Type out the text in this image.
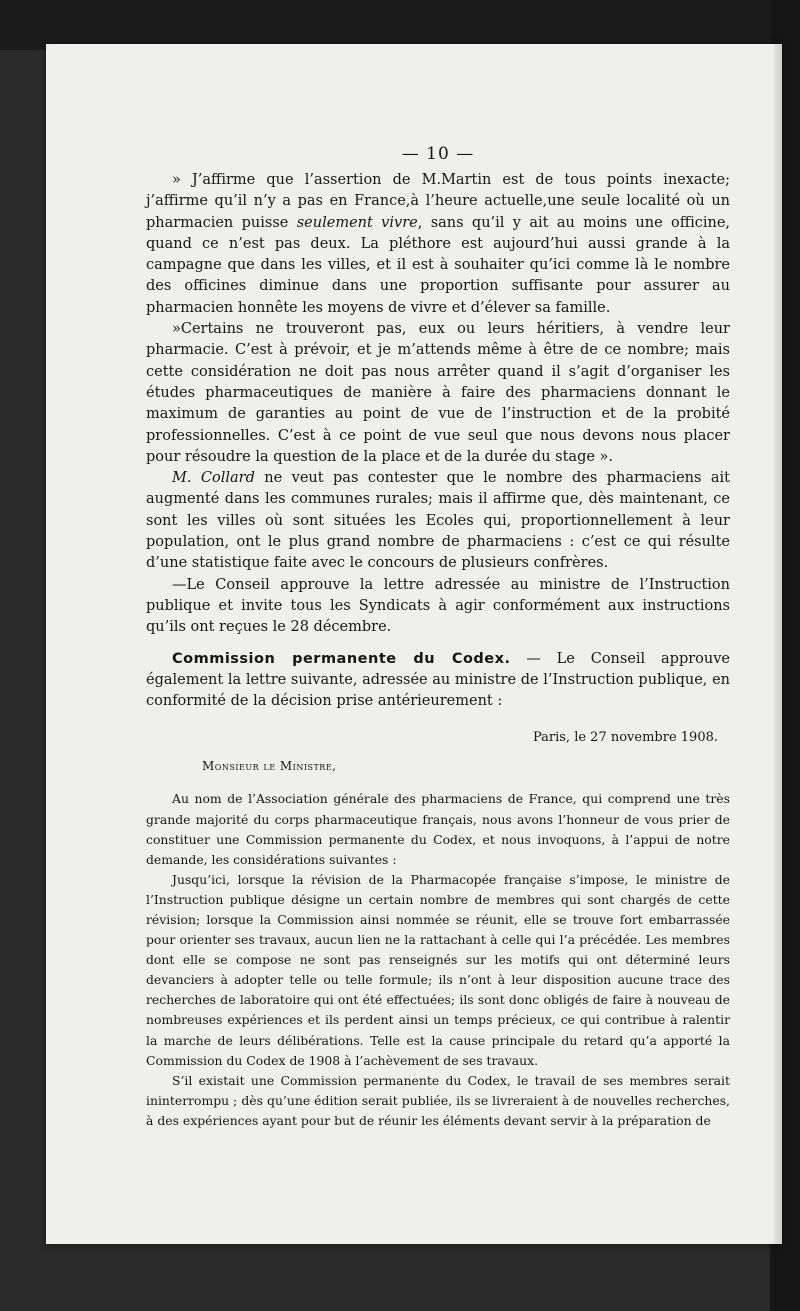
— 10 —

» J’affirme que l’assertion de M.Martin est de tous points inexacte; j’affirme qu’il n’y a pas en France,à l’heure actuelle,une seule localité où un pharmacien puisse seulement vivre, sans qu’il y ait au moins une officine, quand ce n’est pas deux. La pléthore est aujourd’hui aussi grande à la campagne que dans les villes, et il est à souhaiter qu’ici comme là le nombre des officines diminue dans une proportion suffisante pour assurer au pharmacien honnête les moyens de vivre et d’élever sa famille.

»Certains ne trouveront pas, eux ou leurs héritiers, à vendre leur pharmacie. C’est à prévoir, et je m’attends même à être de ce nombre; mais cette considération ne doit pas nous arrêter quand il s’agit d’organiser les études pharmaceutiques de manière à faire des pharmaciens donnant le maximum de garanties au point de vue de l’instruction et de la probité professionnelles. C’est à ce point de vue seul que nous devons nous placer pour résoudre la question de la place et de la durée du stage ».

M. Collard ne veut pas contester que le nombre des pharmaciens ait augmenté dans les communes rurales; mais il affirme que, dès maintenant, ce sont les villes où sont situées les Ecoles qui, proportionnellement à leur population, ont le plus grand nombre de pharmaciens : c’est ce qui résulte d’une statistique faite avec le concours de plusieurs confrères.

—Le Conseil approuve la lettre adressée au ministre de l’Instruction publique et invite tous les Syndicats à agir conformément aux instructions qu’ils ont reçues le 28 décembre.

Commission permanente du Codex. — Le Conseil approuve également la lettre suivante, adressée au ministre de l’Instruction publique, en conformité de la décision prise antérieurement :

Paris, le 27 novembre 1908.
Monsieur le Ministre,

Au nom de l’Association générale des pharmaciens de France, qui comprend une très grande majorité du corps pharmaceutique français, nous avons l’honneur de vous prier de constituer une Commission permanente du Codex, et nous invoquons, à l’appui de notre demande, les considérations suivantes :

Jusqu’ici, lorsque la révision de la Pharmacopée française s’impose, le ministre de l’Instruction publique désigne un certain nombre de membres qui sont chargés de cette révision; lorsque la Commission ainsi nommée se réunit, elle se trouve fort embarrassée pour orienter ses travaux, aucun lien ne la rattachant à celle qui l’a précédée. Les membres dont elle se compose ne sont pas renseignés sur les motifs qui ont déterminé leurs devanciers à adopter telle ou telle formule; ils n’ont à leur disposition aucune trace des recherches de laboratoire qui ont été effectuées; ils sont donc obligés de faire à nouveau de nombreuses expériences et ils perdent ainsi un temps précieux, ce qui contribue à ralentir la marche de leurs délibérations. Telle est la cause principale du retard qu’a apporté la Commission du Codex de 1908 à l’achèvement de ses travaux.

S’il existait une Commission permanente du Codex, le travail de ses membres serait ininterrompu ; dès qu’une édition serait publiée, ils se livreraient à de nouvelles recherches, à des expériences ayant pour but de réunir les éléments devant servir à la préparation de
